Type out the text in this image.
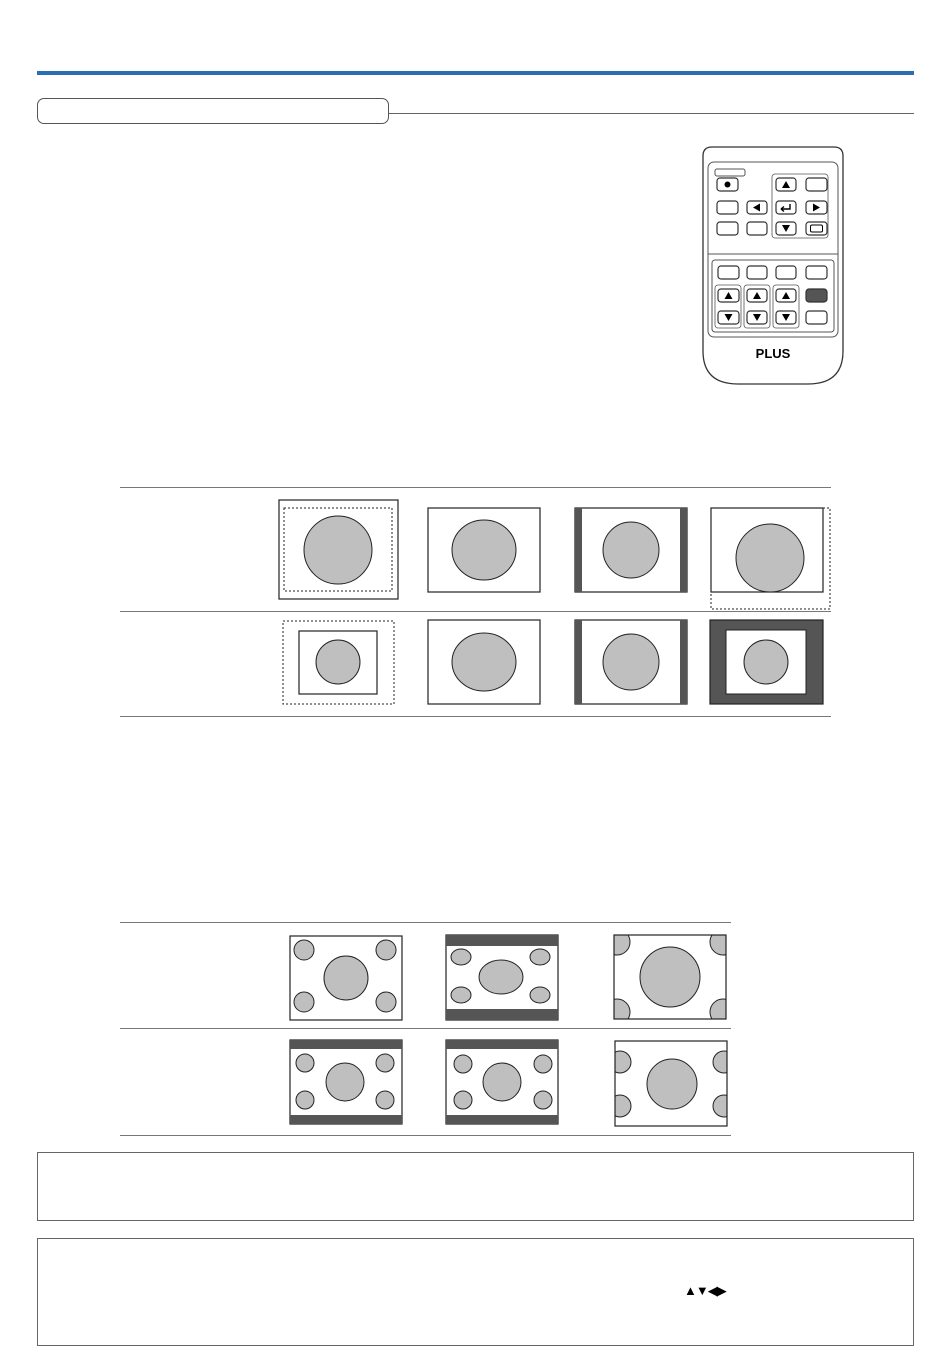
PLUS
▲▼◀▶
